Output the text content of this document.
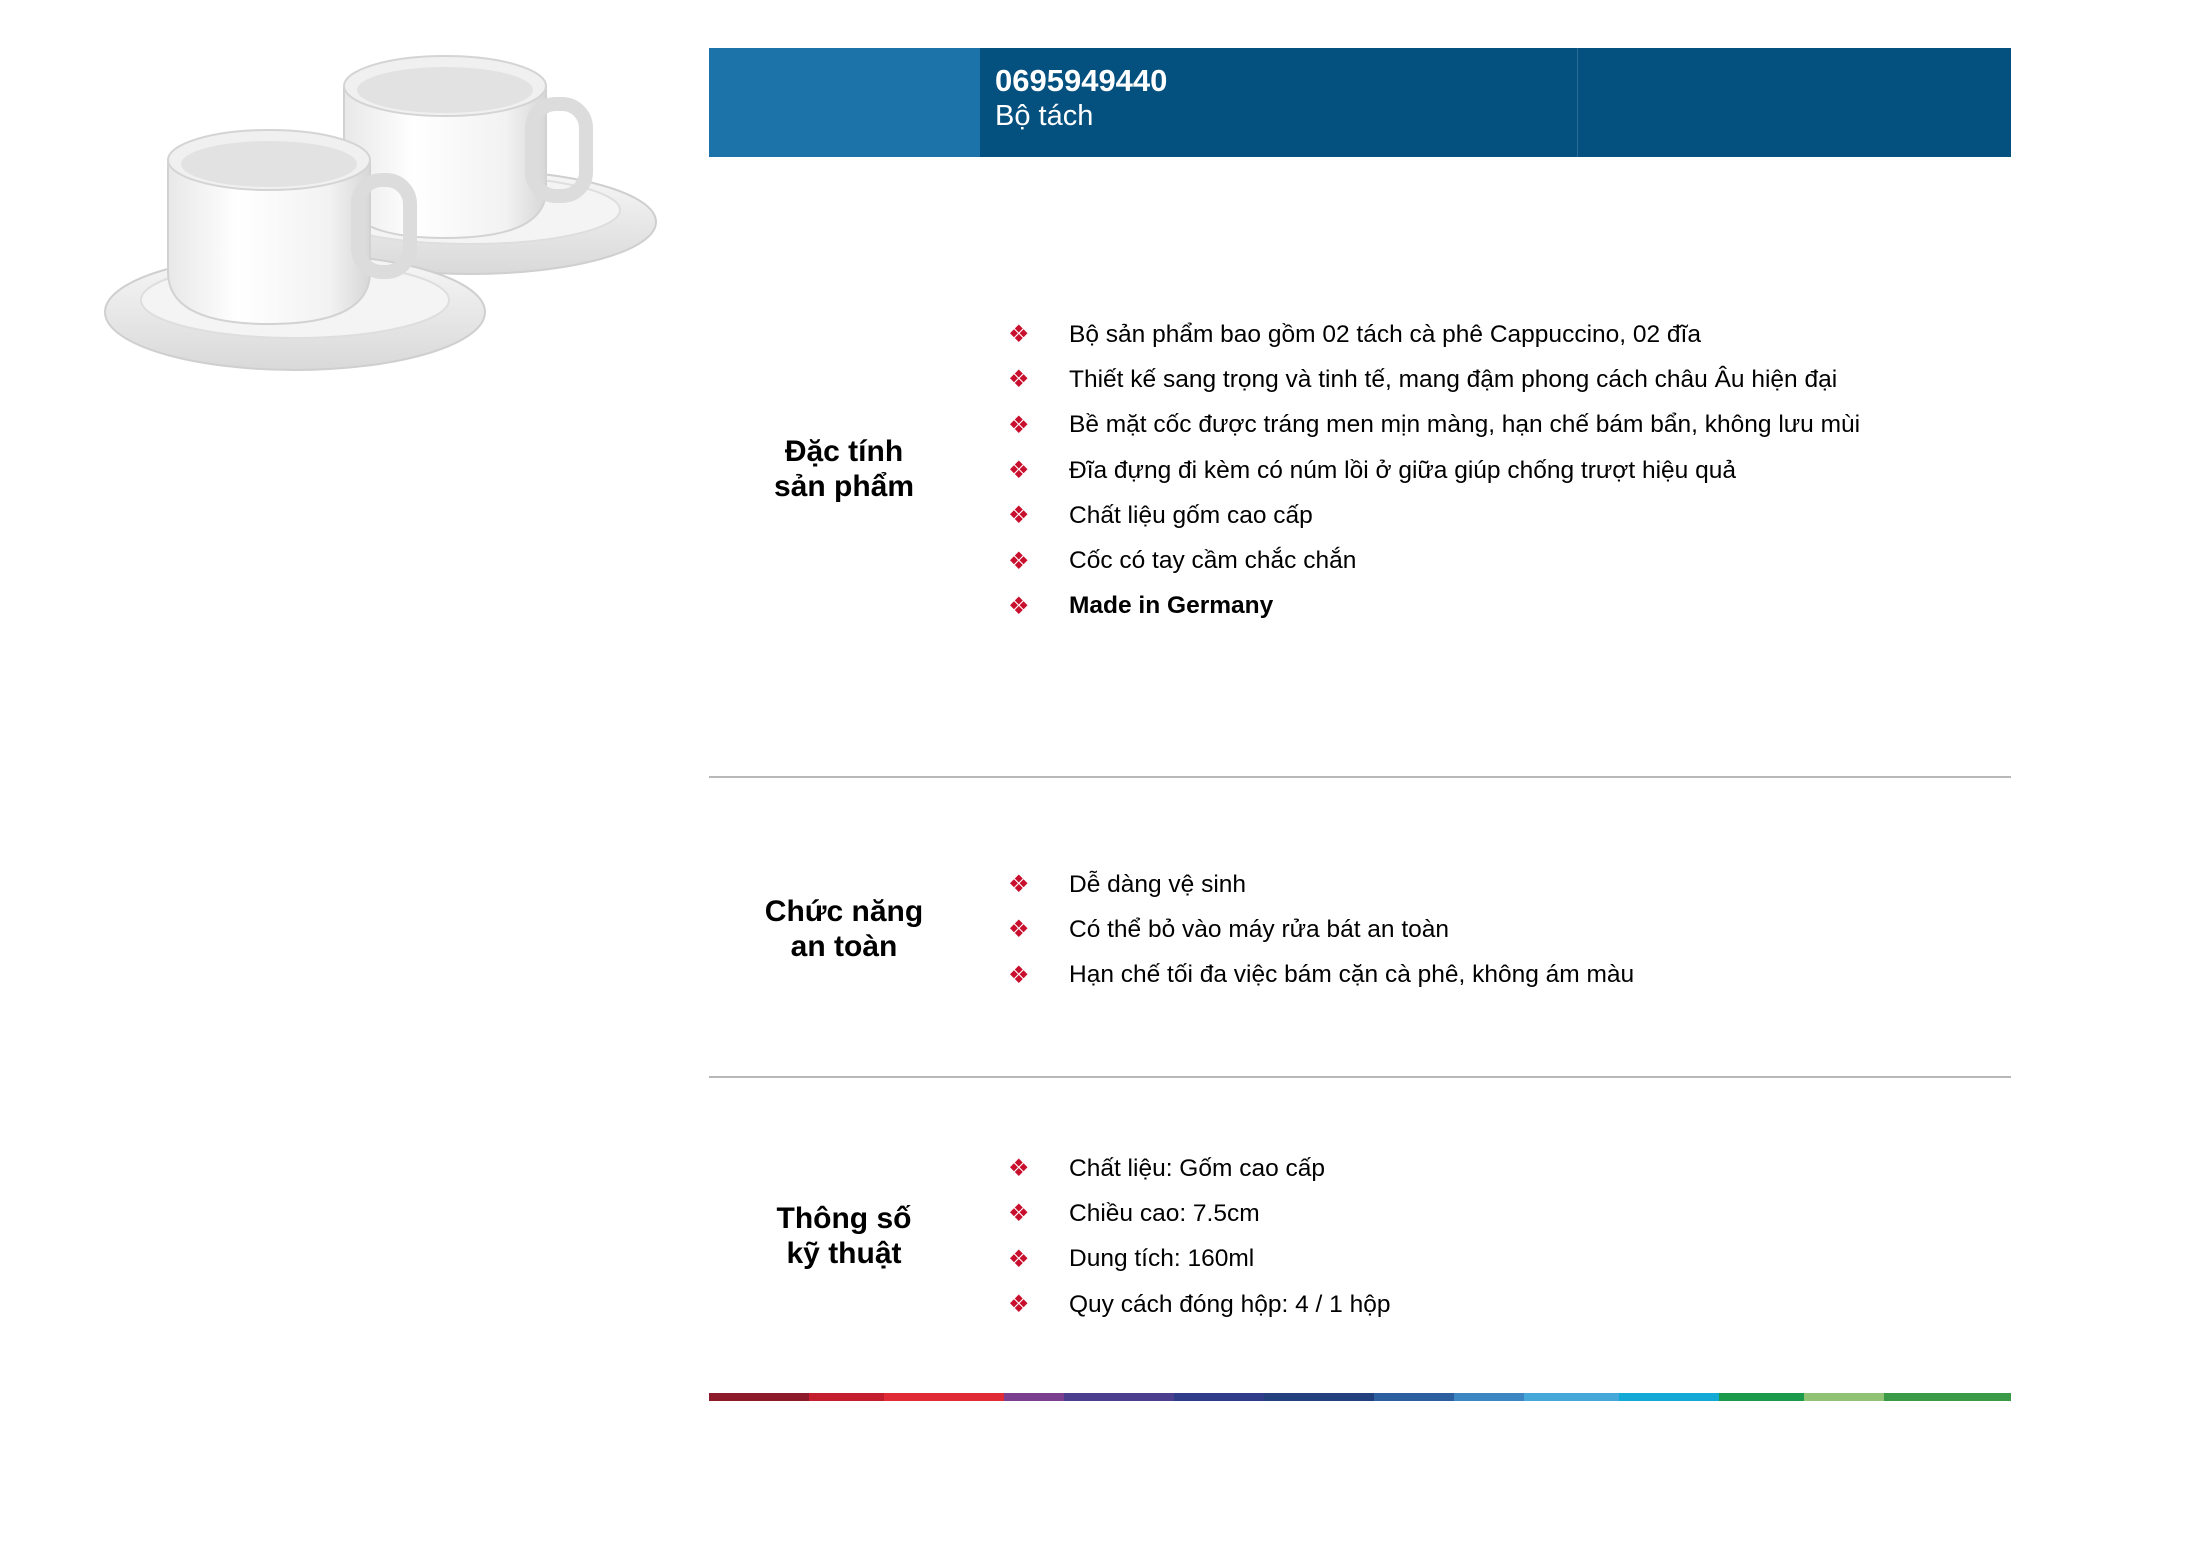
0695949440
Bộ tách
Đặc tính
sản phẩm
❖	Bộ sản phẩm bao gồm 02 tách cà phê Cappuccino, 02 đĩa
❖	Thiết kế sang trọng và tinh tế, mang đậm phong cách châu Âu hiện đại
❖	Bề mặt cốc được tráng men mịn màng, hạn chế bám bẩn, không lưu mùi
❖	Đĩa đựng đi kèm có núm lồi ở giữa giúp chống trượt hiệu quả
❖	Chất liệu gốm cao cấp
❖	Cốc có tay cầm chắc chắn
❖	Made in Germany
Chức năng
an toàn
❖	Dễ dàng vệ sinh
❖	Có thể bỏ vào máy rửa bát an toàn
❖	Hạn chế tối đa việc bám cặn cà phê, không ám màu
Thông số
kỹ thuật
❖	Chất liệu: Gốm cao cấp
❖	Chiều cao: 7.5cm
❖	Dung tích: 160ml
❖	Quy cách đóng hộp: 4 / 1 hộp
